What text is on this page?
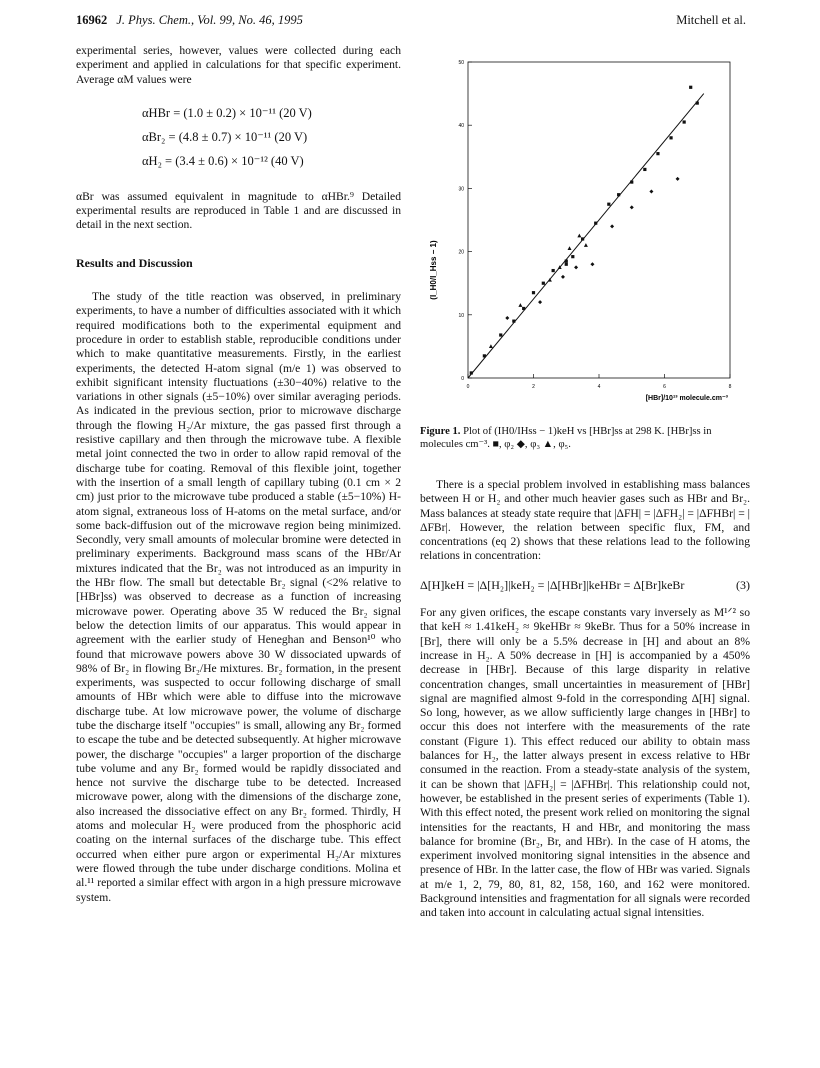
16962 J. Phys. Chem., Vol. 99, No. 46, 1995	Mitchell et al.

experimental series, however, values were collected during each experiment and applied in calculations for that specific experiment. Average αM values were

αHBr = (1.0 ± 0.2) × 10⁻¹¹ (20 V)
αBr₂ = (4.8 ± 0.7) × 10⁻¹¹ (20 V)
αH₂ = (3.4 ± 0.6) × 10⁻¹² (40 V)

αBr was assumed equivalent in magnitude to αHBr.⁹ Detailed experimental results are reproduced in Table 1 and are discussed in detail in the next section.

Results and Discussion

The study of the title reaction was observed, in preliminary experiments, to have a number of difficulties associated with it which required modifications both to the experimental equipment and procedure in order to establish stable, reproducible conditions under which to make quantitative measurements. Firstly, in the earliest experiments, the detected H-atom signal (m/e 1) was observed to exhibit significant intensity fluctuations (±30−40%) relative to the variations in other signals (±5−10%) over similar averaging periods. As indicated in the previous section, prior to microwave discharge through the flowing H₂/Ar mixture, the gas passed first through a resistive capillary and then through the microwave tube. A flexible metal joint connected the two in order to allow rapid removal of the discharge tube for coating. Removal of this flexible joint, together with the insertion of a small length of capillary tubing (0.1 cm × 2 cm) just prior to the microwave tube produced a stable (±5−10%) H-atom signal, extraneous loss of H-atoms on the metal surface, and/or some back-diffusion out of the microwave region being minimized. Secondly, very small amounts of molecular bromine were detected in preliminary experiments. Background mass scans of the HBr/Ar mixtures indicated that the Br₂ was not introduced as an impurity in the HBr flow. The small but detectable Br₂ signal (<2% relative to [HBr]ss) was observed to decrease as a function of increasing microwave power. Operating above 35 W reduced the Br₂ signal below the detection limits of our apparatus. This would appear in agreement with the earlier study of Heneghan and Benson¹⁰ who found that microwave powers above 30 W dissociated upwards of 98% of Br₂ in flowing Br₂/He mixtures. Br₂ formation, in the present experiments, was suspected to occur following discharge of small amounts of HBr which were able to diffuse into the microwave discharge tube. At low microwave power, the volume of discharge tube the discharge itself "occupies" is small, allowing any Br₂ formed to escape the tube and be detected subsequently. At higher microwave power, the discharge "occupies" a larger proportion of the discharge tube volume and any Br₂ formed would be rapidly dissociated and hence not survive the discharge tube to be detected. Increased microwave power, along with the dimensions of the discharge zone, also increased the dissociative effect on any Br₂ formed. Thirdly, H atoms and molecular H₂ were produced from the phosphoric acid coating on the internal surfaces of the discharge tube. This effect occurred when either pure argon or experimental H₂/Ar mixtures were flowed through the tube under discharge conditions. Molina et al.¹¹ reported a similar effect with argon in a high pressure microwave system.

0	2	4	6	8
0
10
20
30
40
50
[HBr]/10¹³ molecule.cm⁻³
(I_H0/I_Hss − 1)
Figure 1. Plot of (IH0/IHss − 1)keH vs [HBr]ss at 298 K. [HBr]ss in molecules cm⁻³. ■, φ₂ ◆, φ₃ ▲, φ₅.

There is a special problem involved in establishing mass balances between H or H₂ and other much heavier gases such as HBr and Br₂. Mass balances at steady state require that |ΔFH| = |ΔFH₂| = |ΔFHBr| = |ΔFBr|. However, the relation between specific flux, FM, and concentrations (eq 2) shows that these relations lead to the following relations in concentration:

Δ[H]keH = |Δ[H₂]|keH₂ = |Δ[HBr]|keHBr = Δ[Br]keBr	(3)

For any given orifices, the escape constants vary inversely as M¹ᐟ² so that keH ≈ 1.41keH₂ ≈ 9keHBr ≈ 9keBr. Thus for a 50% increase in [Br], there will only be a 5.5% decrease in [H] and about an 8% increase in H₂. A 50% decrease in [H] is accompanied by a 450% decrease in [HBr]. Because of this large disparity in relative concentration changes, small uncertainties in measurement of [HBr] signal are magnified almost 9-fold in the corresponding Δ[H] signal. So long, however, as we allow sufficiently large changes in [HBr] to occur this does not interfere with the measurements of the rate constant (Figure 1). This effect reduced our ability to obtain mass balances for H₂, the latter always present in excess relative to HBr consumed in the reaction. From a steady-state analysis of the system, it can be shown that |ΔFH₂| = |ΔFHBr|. This relationship could not, however, be established in the present series of experiments (Table 1). With this effect noted, the present work relied on monitoring the signal intensities for the reactants, H and HBr, and monitoring the mass balance for bromine (Br₂, Br, and HBr). In the case of H atoms, the experiment involved monitoring signal intensities in the absence and presence of HBr. In the latter case, the flow of HBr was varied. Signals at m/e 1, 2, 79, 80, 81, 82, 158, 160, and 162 were monitored. Background intensities and fragmentation for all signals were recorded and taken into account in calculating actual signal intensities.
